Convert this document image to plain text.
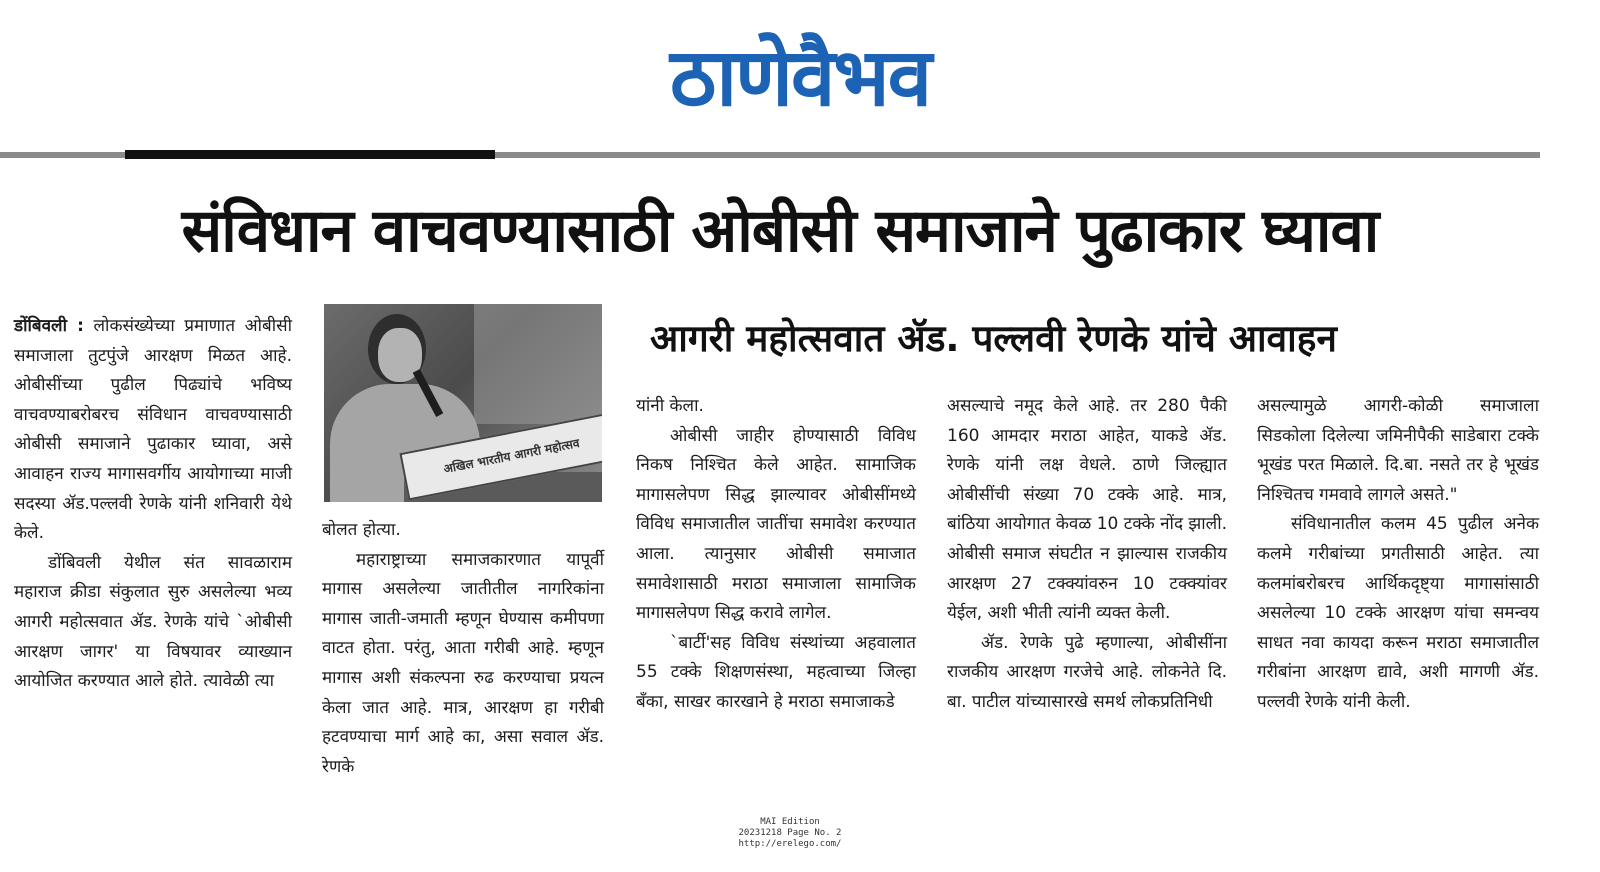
ठाणेवैभव
संविधान वाचवण्यासाठी ओबीसी समाजाने पुढाकार घ्यावा
आगरी महोत्सवात ॲड. पल्लवी रेणके यांचे आवाहन

डोंबिवली : लोकसंख्येच्या प्रमाणात ओबीसी समाजाला तुटपुंजे आरक्षण मिळत आहे. ओबीसींच्या पुढील पिढ्यांचे भविष्य वाचवण्याबरोबरच संविधान वाचवण्यासाठी ओबीसी समाजाने पुढाकार घ्यावा, असे आवाहन राज्य मागासवर्गीय आयोगाच्या माजी सदस्या ॲड.पल्लवी रेणके यांनी शनिवारी येथे केले.

डोंबिवली येथील संत सावळाराम महाराज क्रीडा संकुलात सुरु असलेल्या भव्य आगरी महोत्सवात ॲड. रेणके यांचे `ओबीसी आरक्षण जागर' या विषयावर व्याख्यान आयोजित करण्यात आले होते. त्यावेळी त्या

अखिल भारतीय आगरी महोत्सव

बोलत होत्या.

महाराष्ट्राच्या समाजकारणात यापूर्वी मागास असलेल्या जातीतील नागरिकांना मागास जाती-जमाती म्हणून घेण्यास कमीपणा वाटत होता. परंतु, आता गरीबी आहे. म्हणून मागास अशी संकल्पना रुढ करण्याचा प्रयत्न केला जात आहे. मात्र, आरक्षण हा गरीबी हटवण्याचा मार्ग आहे का, असा सवाल ॲड. रेणके

यांनी केला.

ओबीसी जाहीर होण्यासाठी विविध निकष निश्चित केले आहेत. सामाजिक मागासलेपण सिद्ध झाल्यावर ओबीसींमध्ये विविध समाजातील जातींचा समावेश करण्यात आला. त्यानुसार ओबीसी समाजात समावेशासाठी मराठा समाजाला सामाजिक मागासलेपण सिद्ध करावे लागेल.

`बार्टी'सह विविध संस्थांच्या अहवालात 55 टक्के शिक्षणसंस्था, महत्वाच्या जिल्हा बँका, साखर कारखाने हे मराठा समाजाकडे

असल्याचे नमूद केले आहे. तर 280 पैकी 160 आमदार मराठा आहेत, याकडे ॲड. रेणके यांनी लक्ष वेधले. ठाणे जिल्ह्यात ओबीसींची संख्या 70 टक्के आहे. मात्र, बांठिया आयोगात केवळ 10 टक्के नोंद झाली. ओबीसी समाज संघटीत न झाल्यास राजकीय आरक्षण 27 टक्क्यांवरुन 10 टक्क्यांवर येईल, अशी भीती त्यांनी व्यक्त केली.

ॲड. रेणके पुढे म्हणाल्या, ओबीसींना राजकीय आरक्षण गरजेचे आहे. लोकनेते दि. बा. पाटील यांच्यासारखे समर्थ लोकप्रतिनिधी

असल्यामुळे आगरी-कोळी समाजाला सिडकोला दिलेल्या जमिनीपैकी साडेबारा टक्के भूखंड परत मिळाले. दि.बा. नसते तर हे भूखंड निश्चितच गमवावे लागले असते."

संविधानातील कलम 45 पुढील अनेक कलमे गरीबांच्या प्रगतीसाठी आहेत. त्या कलमांबरोबरच आर्थिकदृष्ट्या मागासांसाठी असलेल्या 10 टक्के आरक्षण यांचा समन्वय साधत नवा कायदा करून मराठा समाजातील गरीबांना आरक्षण द्यावे, अशी मागणी ॲड. पल्लवी रेणके यांनी केली.

MAI Edition
20231218 Page No. 2
http://erelego.com/
